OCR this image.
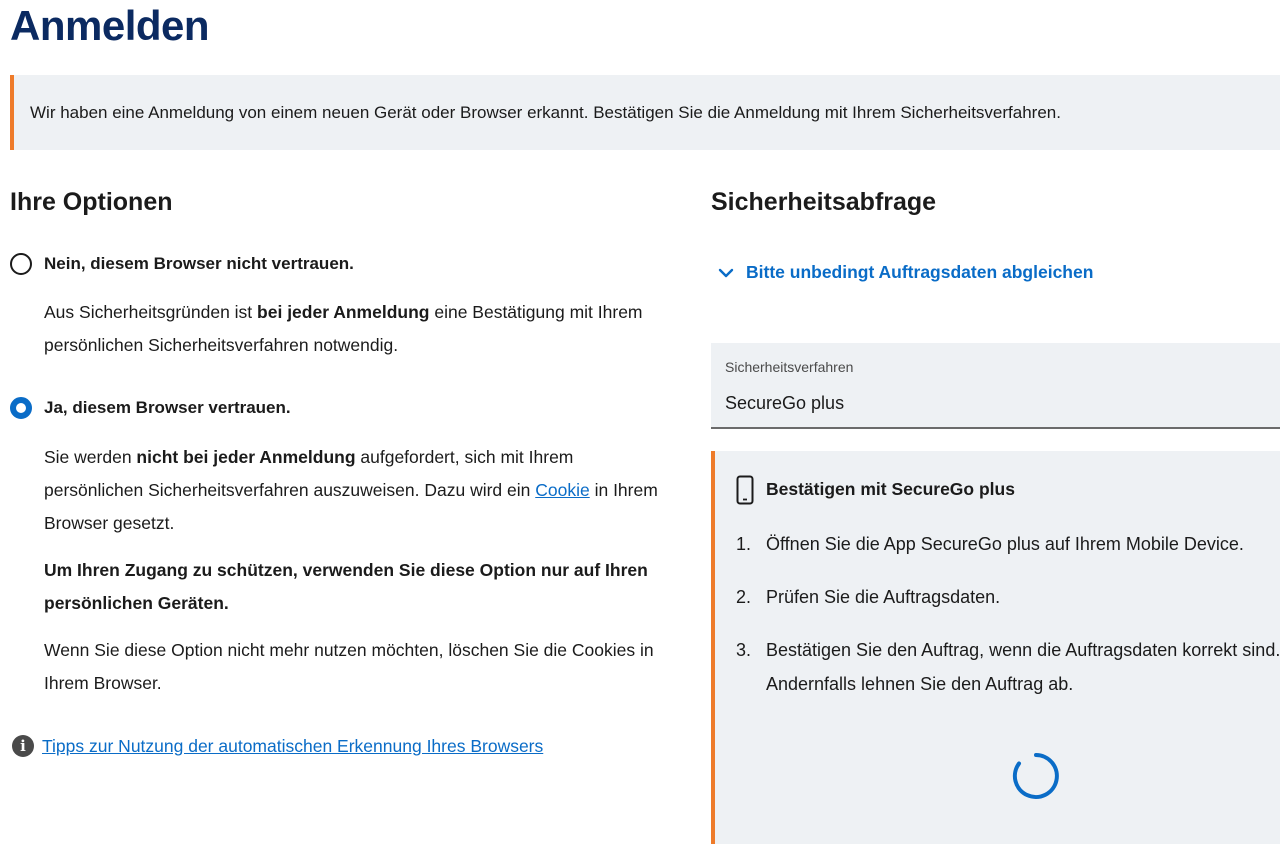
Anmelden
Wir haben eine Anmeldung von einem neuen Gerät oder Browser erkannt. Bestätigen Sie die Anmeldung mit Ihrem Sicherheitsverfahren.
Ihre Optionen
Nein, diesem Browser nicht vertrauen.

Aus Sicherheitsgründen ist bei jeder Anmeldung eine Bestätigung mit Ihrem persönlichen Sicherheitsverfahren notwendig.

Ja, diesem Browser vertrauen.

Sie werden nicht bei jeder Anmeldung aufgefordert, sich mit Ihrem persönlichen Sicherheitsverfahren auszuweisen. Dazu wird ein Cookie in Ihrem Browser gesetzt.

Um Ihren Zugang zu schützen, verwenden Sie diese Option nur auf Ihren persönlichen Geräten.

Wenn Sie diese Option nicht mehr nutzen möchten, löschen Sie die Cookies in Ihrem Browser.

i Tipps zur Nutzung der automatischen Erkennung Ihres Browsers
Sicherheitsabfrage
Bitte unbedingt Auftragsdaten abgleichen
Sicherheitsverfahren
SecureGo plus
Bestätigen mit SecureGo plus
1. Öffnen Sie die App SecureGo plus auf Ihrem Mobile Device.
2. Prüfen Sie die Auftragsdaten.
3. Bestätigen Sie den Auftrag, wenn die Auftragsdaten korrekt sind. Andernfalls lehnen Sie den Auftrag ab.
